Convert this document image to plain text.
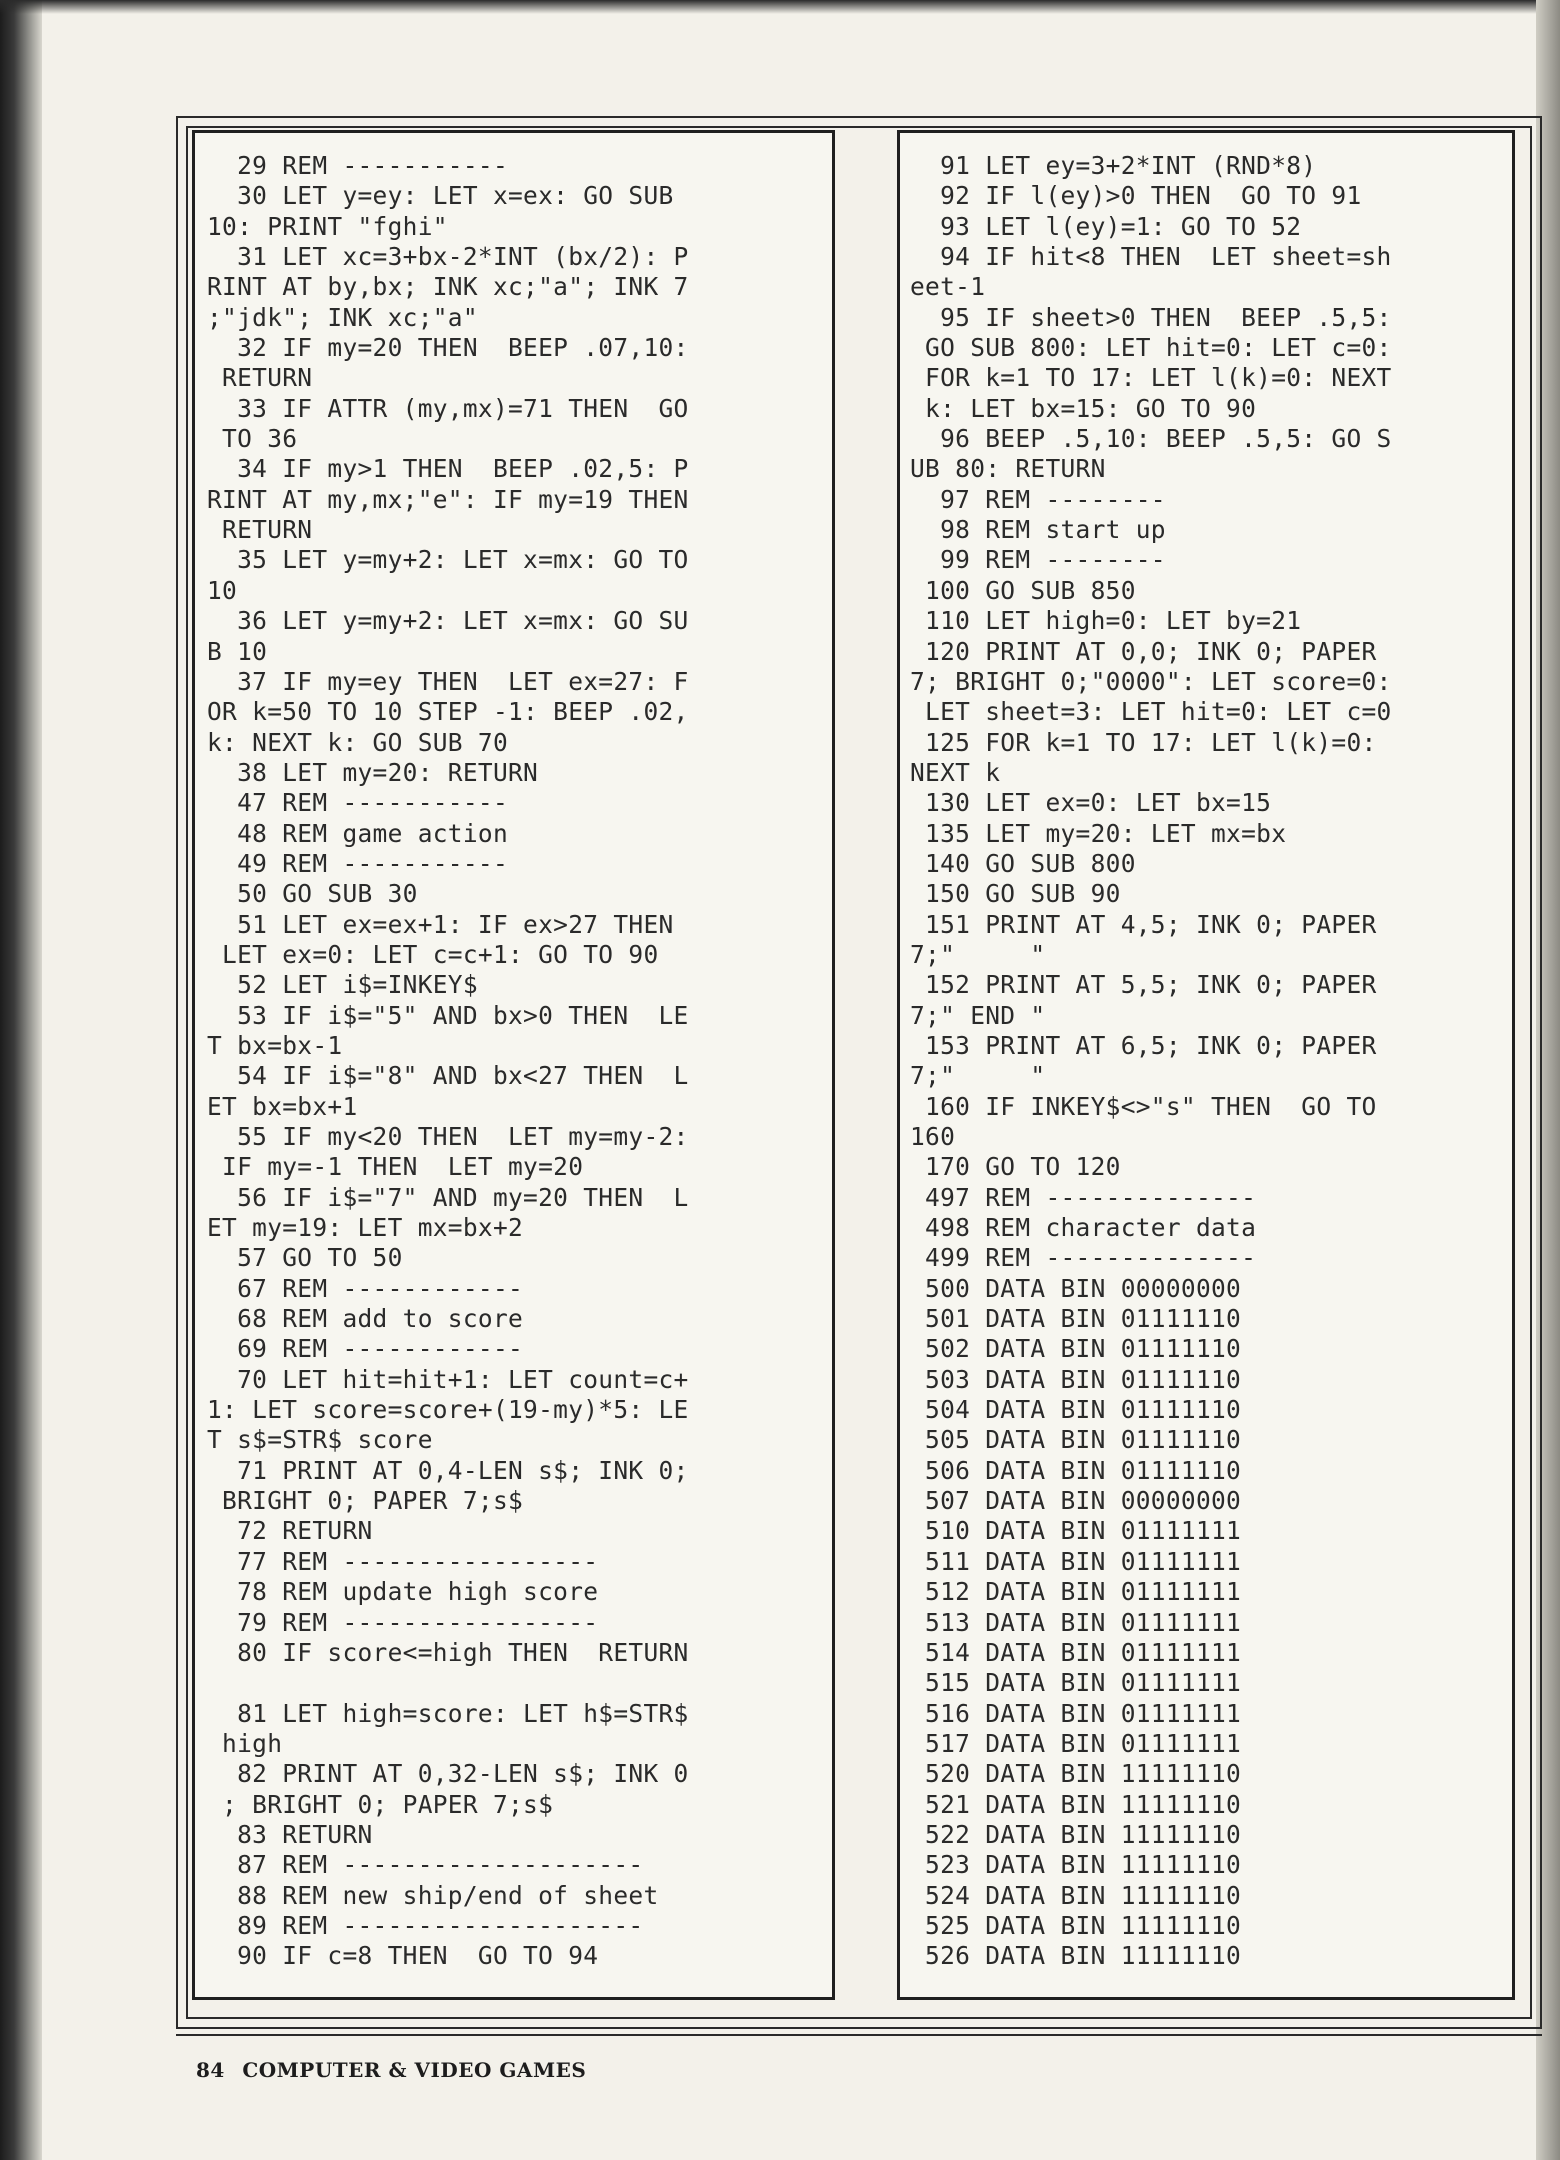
29 REM -----------
30 LET y=ey: LET x=ex: GO SUB
10: PRINT "fghi"
31 LET xc=3+bx-2*INT (bx/2): P
RINT AT by,bx; INK xc;"a"; INK 7
;"jdk"; INK xc;"a"
32 IF my=20 THEN  BEEP .07,10:
RETURN
33 IF ATTR (my,mx)=71 THEN  GO
TO 36
34 IF my>1 THEN  BEEP .02,5: P
RINT AT my,mx;"e": IF my=19 THEN
RETURN
35 LET y=my+2: LET x=mx: GO TO
10
36 LET y=my+2: LET x=mx: GO SU
B 10
37 IF my=ey THEN  LET ex=27: F
OR k=50 TO 10 STEP -1: BEEP .02,
k: NEXT k: GO SUB 70
38 LET my=20: RETURN
47 REM -----------
48 REM game action
49 REM -----------
50 GO SUB 30
51 LET ex=ex+1: IF ex>27 THEN
LET ex=0: LET c=c+1: GO TO 90
52 LET i$=INKEY$
53 IF i$="5" AND bx>0 THEN  LE
T bx=bx-1
54 IF i$="8" AND bx<27 THEN  L
ET bx=bx+1
55 IF my<20 THEN  LET my=my-2:
IF my=-1 THEN  LET my=20
56 IF i$="7" AND my=20 THEN  L
ET my=19: LET mx=bx+2
57 GO TO 50
67 REM ------------
68 REM add to score
69 REM ------------
70 LET hit=hit+1: LET count=c+
1: LET score=score+(19-my)*5: LE
T s$=STR$ score
71 PRINT AT 0,4-LEN s$; INK 0;
BRIGHT 0; PAPER 7;s$
72 RETURN
77 REM -----------------
78 REM update high score
79 REM -----------------
80 IF score<=high THEN  RETURN
81 LET high=score: LET h$=STR$
high
82 PRINT AT 0,32-LEN s$; INK 0
; BRIGHT 0; PAPER 7;s$
83 RETURN
87 REM --------------------
88 REM new ship/end of sheet
89 REM --------------------
90 IF c=8 THEN  GO TO 94
91 LET ey=3+2*INT (RND*8)
92 IF l(ey)>0 THEN  GO TO 91
93 LET l(ey)=1: GO TO 52
94 IF hit<8 THEN  LET sheet=sh
eet-1
95 IF sheet>0 THEN  BEEP .5,5:
GO SUB 800: LET hit=0: LET c=0:
FOR k=1 TO 17: LET l(k)=0: NEXT
k: LET bx=15: GO TO 90
96 BEEP .5,10: BEEP .5,5: GO S
UB 80: RETURN
97 REM --------
98 REM start up
99 REM --------
100 GO SUB 850
110 LET high=0: LET by=21
120 PRINT AT 0,0; INK 0; PAPER
7; BRIGHT 0;"0000": LET score=0:
LET sheet=3: LET hit=0: LET c=0
125 FOR k=1 TO 17: LET l(k)=0:
NEXT k
130 LET ex=0: LET bx=15
135 LET my=20: LET mx=bx
140 GO SUB 800
150 GO SUB 90
151 PRINT AT 4,5; INK 0; PAPER
7;"     "
152 PRINT AT 5,5; INK 0; PAPER
7;" END "
153 PRINT AT 6,5; INK 0; PAPER
7;"     "
160 IF INKEY$<>"s" THEN  GO TO
160
170 GO TO 120
497 REM --------------
498 REM character data
499 REM --------------
500 DATA BIN 00000000
501 DATA BIN 01111110
502 DATA BIN 01111110
503 DATA BIN 01111110
504 DATA BIN 01111110
505 DATA BIN 01111110
506 DATA BIN 01111110
507 DATA BIN 00000000
510 DATA BIN 01111111
511 DATA BIN 01111111
512 DATA BIN 01111111
513 DATA BIN 01111111
514 DATA BIN 01111111
515 DATA BIN 01111111
516 DATA BIN 01111111
517 DATA BIN 01111111
520 DATA BIN 11111110
521 DATA BIN 11111110
522 DATA BIN 11111110
523 DATA BIN 11111110
524 DATA BIN 11111110
525 DATA BIN 11111110
526 DATA BIN 11111110
84 COMPUTER & VIDEO GAMES
